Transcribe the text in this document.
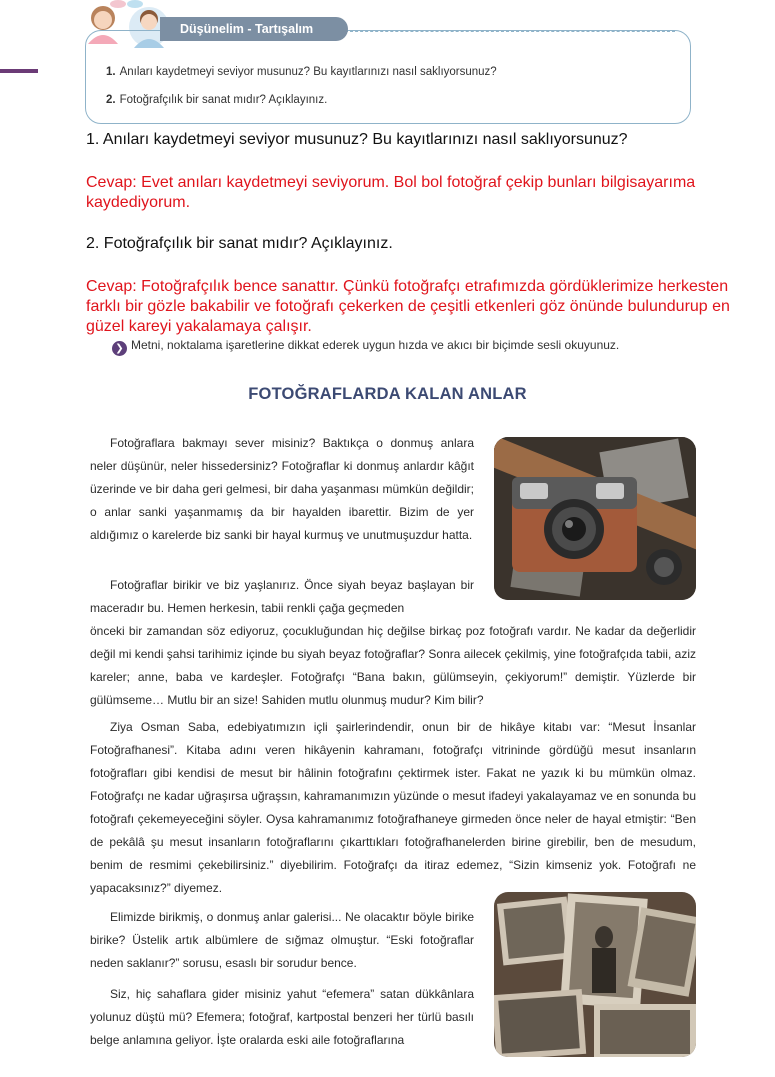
Düşünelim - Tartışalım
1. Anıları kaydetmeyi seviyor musunuz? Bu kayıtlarınızı nasıl saklıyorsunuz?
2. Fotoğrafçılık bir sanat mıdır? Açıklayınız.
1. Anıları kaydetmeyi seviyor musunuz? Bu kayıtlarınızı nasıl saklıyorsunuz?
Cevap: Evet anıları kaydetmeyi seviyorum. Bol bol fotoğraf çekip bunları bilgisayarıma kaydediyorum.
2. Fotoğrafçılık bir sanat mıdır? Açıklayınız.
Cevap: Fotoğrafçılık bence sanattır. Çünkü fotoğrafçı etrafımızda gördüklerimize herkesten farklı bir gözle bakabilir ve fotoğrafı çekerken de çeşitli etkenleri göz önünde bulundurup en güzel kareyi yakalamaya çalışır.
❯ Metni, noktalama işaretlerine dikkat ederek uygun hızda ve akıcı bir biçimde sesli okuyunuz.
FOTOĞRAFLARDA KALAN ANLAR

Fotoğraflara bakmayı sever misiniz? Baktıkça o donmuş anlara neler düşünür, neler hissedersiniz? Fotoğraflar ki donmuş anlardır kâğıt üzerinde ve bir daha geri gelmesi, bir daha yaşanması mümkün değildir; o anlar sanki yaşanmamış da bir hayalden ibarettir. Bizim de yer aldığımız o karelerde biz sanki bir hayal kurmuş ve unutmuşuzdur hatta.

Fotoğraflar birikir ve biz yaşlanırız. Önce siyah beyaz başlayan bir maceradır bu. Hemen herkesin, tabii renkli çağa geçmeden

önceki bir zamandan söz ediyoruz, çocukluğundan hiç değilse birkaç poz fotoğrafı vardır. Ne kadar da değerlidir değil mi kendi şahsi tarihimiz içinde bu siyah beyaz fotoğraflar? Sonra ailecek çekilmiş, yine fotoğrafçıda tabii, aziz kareler; anne, baba ve kardeşler. Fotoğrafçı “Bana bakın, gülümseyin, çekiyorum!” demiştir. Yüzlerde bir gülümseme… Mutlu bir an size! Sahiden mutlu olunmuş mudur? Kim bilir?

Ziya Osman Saba, edebiyatımızın içli şairlerindendir, onun bir de hikâye kitabı var: “Mesut İnsanlar Fotoğrafhanesi”. Kitaba adını veren hikâyenin kahramanı, fotoğrafçı vitrininde gördüğü mesut insanların fotoğrafları gibi kendisi de mesut bir hâlinin fotoğrafını çektirmek ister. Fakat ne yazık ki bu mümkün olmaz. Fotoğrafçı ne kadar uğraşırsa uğraşsın, kahramanımızın yüzünde o mesut ifadeyi yakalayamaz ve en sonunda bu fotoğrafı çekemeyeceğini söyler. Oysa kahramanımız fotoğrafhaneye girmeden önce neler de hayal etmiştir: “Ben de pekâlâ şu mesut insanların fotoğraflarını çıkarttıkları fotoğrafhanelerden birine girebilir, ben de mesudum, benim de resmimi çekebilirsiniz.” diyebilirim. Fotoğrafçı da itiraz edemez, “Sizin kimseniz yok. Fotoğrafı ne yapacaksınız?” diyemez.

Elimizde birikmiş, o donmuş anlar galerisi... Ne olacaktır böyle birike birike? Üstelik artık albümlere de sığmaz olmuştur. “Eski fotoğraflar neden saklanır?” sorusu, esaslı bir sorudur bence.

Siz, hiç sahaflara gider misiniz yahut “efemera” satan dükkânlara yolunuz düştü mü? Efemera; fotoğraf, kartpostal benzeri her türlü basılı belge anlamına geliyor. İşte oralarda eski aile fotoğraflarına
